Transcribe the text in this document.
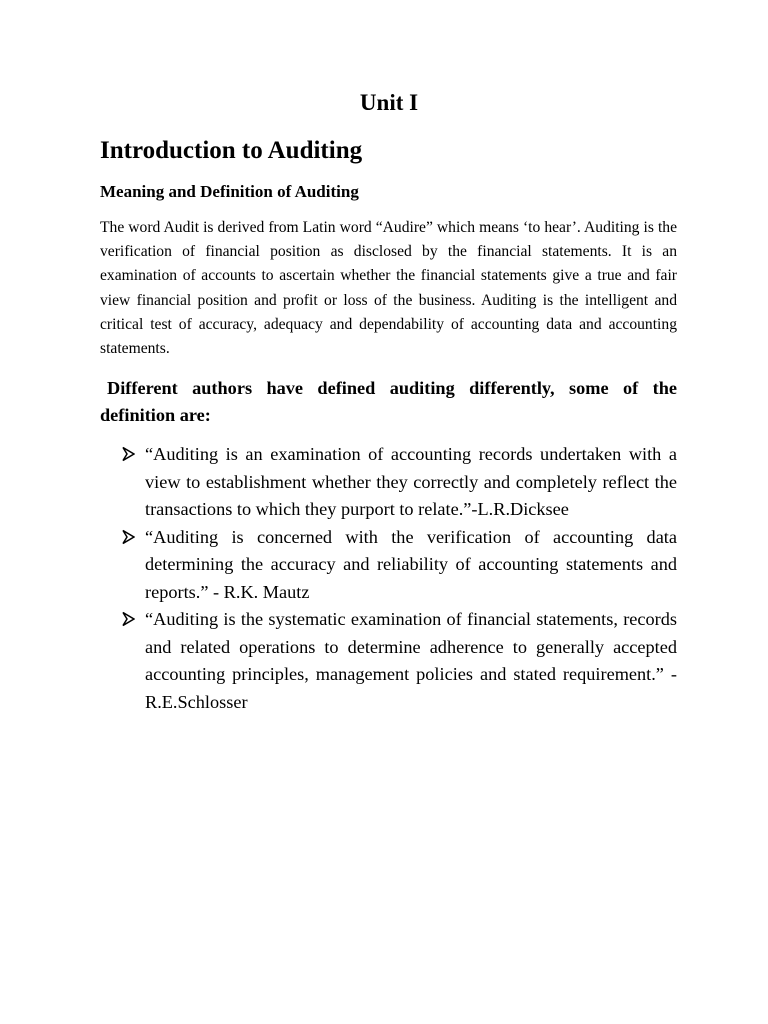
Unit I
Introduction to Auditing
Meaning and Definition of Auditing

The word Audit is derived from Latin word “Audire” which means ‘to hear’. Auditing is the verification of financial position as disclosed by the financial statements. It is an examination of accounts to ascertain whether the financial statements give a true and fair view financial position and profit or loss of the business. Auditing is the intelligent and critical test of accuracy, adequacy and dependability of accounting data and accounting statements.

Different authors have defined auditing differently, some of the definition are:

“Auditing is an examination of accounting records undertaken with a view to establishment whether they correctly and completely reflect the transactions to which they purport to relate.”-L.R.Dicksee
“Auditing is concerned with the verification of accounting data determining the accuracy and reliability of accounting statements and reports.” - R.K. Mautz
“Auditing is the systematic examination of financial statements, records and related operations to determine adherence to generally accepted accounting principles, management policies and stated requirement.” -R.E.Schlosser
